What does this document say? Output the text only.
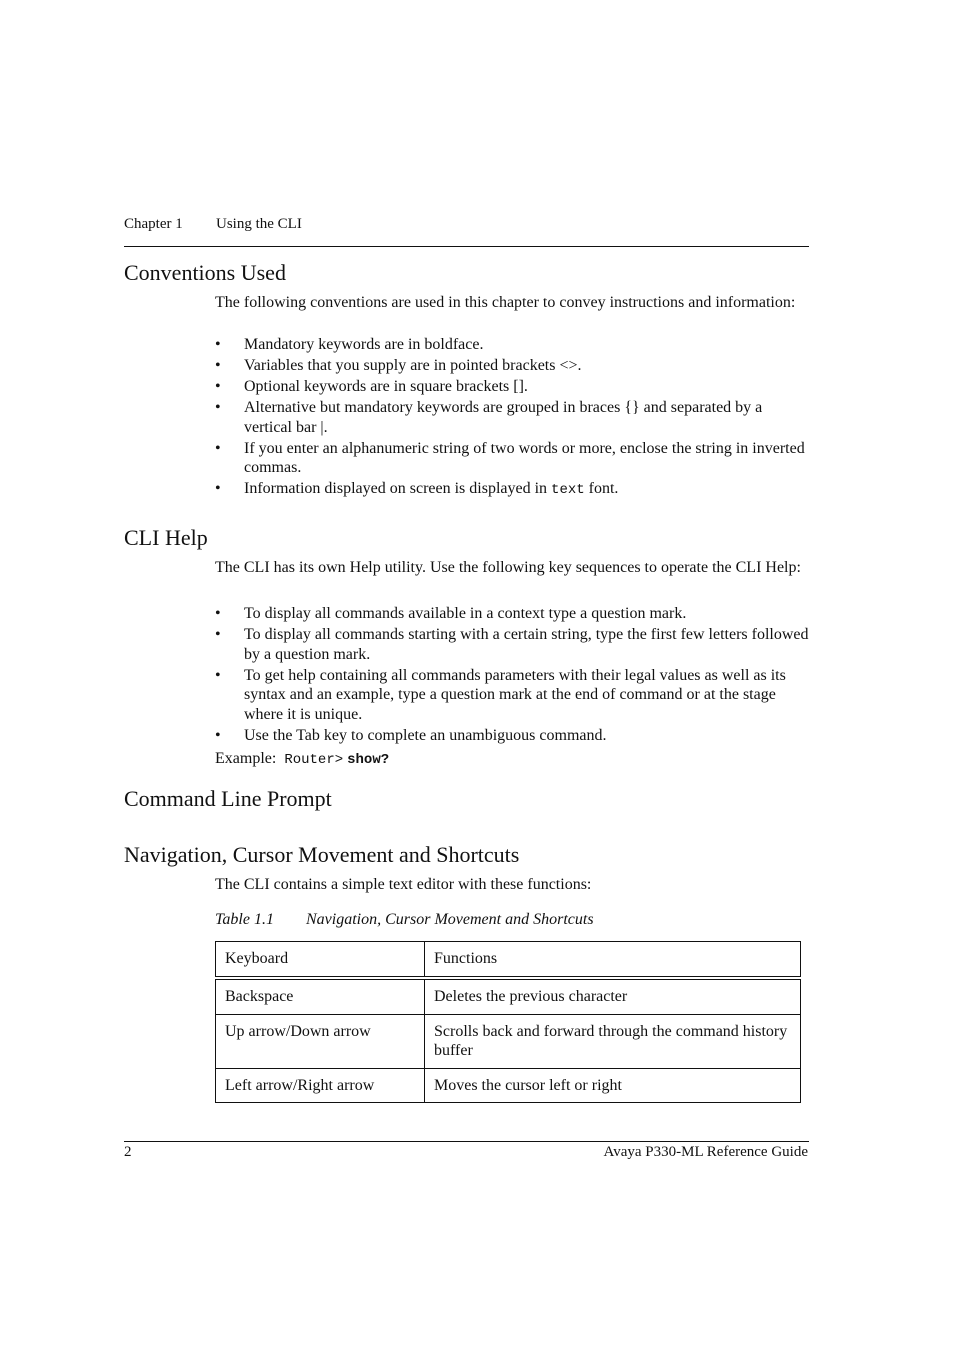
Chapter 1 Using the CLI
Conventions Used

The following conventions are used in this chapter to convey instructions and information:

• Mandatory keywords are in boldface.
• Variables that you supply are in pointed brackets <>.
• Optional keywords are in square brackets [].
• Alternative but mandatory keywords are grouped in braces {} and separated by a vertical bar |.
• If you enter an alphanumeric string of two words or more, enclose the string in inverted commas.
• Information displayed on screen is displayed in text font.
CLI Help

The CLI has its own Help utility. Use the following key sequences to operate the CLI Help:

• To display all commands available in a context type a question mark.
• To display all commands starting with a certain string, type the first few letters followed by a question mark.
• To get help containing all commands parameters with their legal values as well as its syntax and an example, type a question mark at the end of command or at the stage where it is unique.
• Use the Tab key to complete an unambiguous command.

Example: Router> show?

Command Line Prompt
Navigation, Cursor Movement and Shortcuts

The CLI contains a simple text editor with these functions:

Table 1.1 Navigation, Cursor Movement and Shortcuts
Keyboard	Functions
Backspace	Deletes the previous character
Up arrow/Down arrow	Scrolls back and forward through the command history buffer
Left arrow/Right arrow	Moves the cursor left or right
2	Avaya P330-ML Reference Guide
